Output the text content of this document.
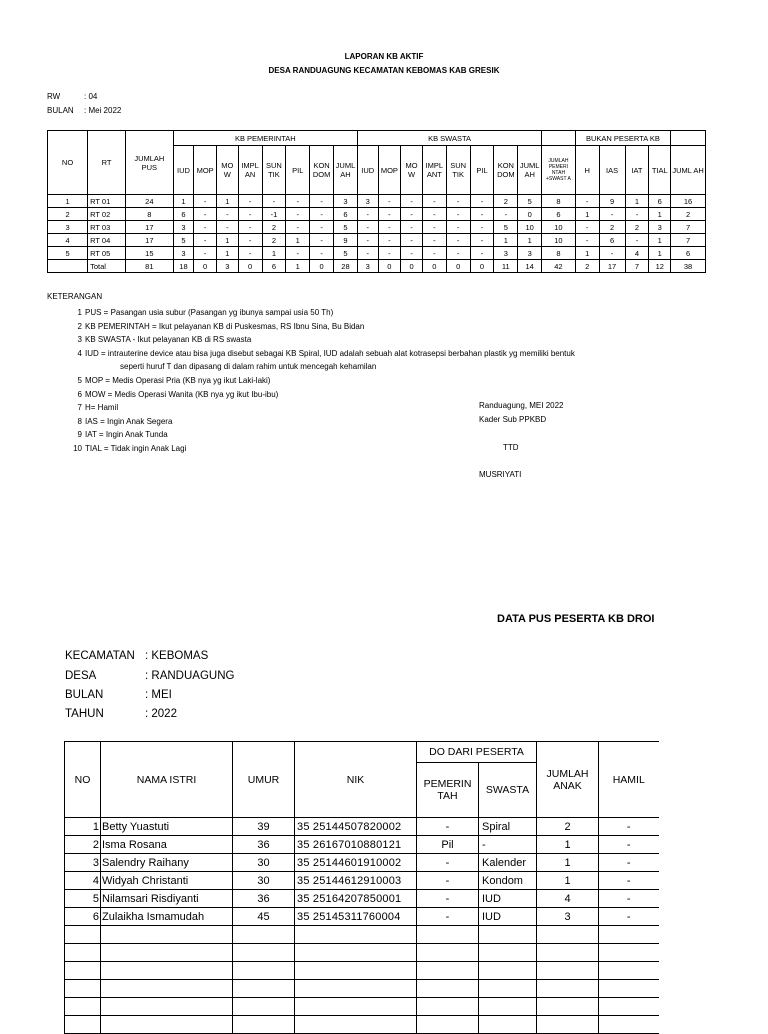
LAPORAN KB AKTIF
DESA RANDUAGUNG KECAMATAN KEBOMAS KAB GRESIK
RW	: 04
BULAN : Mei 2022
NO	RT	JUMLAH PUS	KB PEMERINTAH								KB SWASTA									BUKAN PESERTA KB				
			IUD	MOP	MO W	IMPL AN	SUN TIK	PIL	KON DOM	JUML AH	IUD	MOP	MO W	IMPL ANT	SUN TIK	PIL	KON DOM	JUML AH	JUMLAH PEMERI NTAH +SWAST A	H	IAS	IAT	TIAL	JUML AH
1	RT 01	24	1	-	1	-	-	-	-	3	3	-	-	-	-	-	2	5	8	-	9	1	6	16
2	RT 02	8	6	-	-	-	-1	-	-	6	-	-	-	-	-	-	-	0	6	1	-	-	1	2
3	RT 03	17	3	-	-	-	2	-	-	5	-	-	-	-	-	-	5	10	10	-	2	2	3	7
4	RT 04	17	5	-	1	-	2	1	-	9	-	-	-	-	-	-	1	1	10	-	6	-	1	7
5	RT 05	15	3	-	1	-	1	-	-	5	-	-	-	-	-	-	3	3	8	1	-	4	1	6
	Total	81	18	0	3	0	6	1	0	28	3	0	0	0	0	0	11	14	42	2	17	7	12	38
KETERANGAN
1 PUS = Pasangan usia subur (Pasangan yg ibunya sampai usia 50 Th)
2 KB PEMERINTAH = Ikut pelayanan KB di Puskesmas, RS Ibnu Sina, Bu Bidan
3 KB SWASTA - Ikut pelayanan KB di RS swasta
4 IUD = intrauterine device atau bisa juga disebut sebagai KB Spiral, IUD adalah sebuah alat kotrasepsi berbahan plastik yg memiliki bentuk
seperti huruf T dan dipasang di dalam rahim untuk mencegah kehamilan
5 MOP = Medis Operasi Pria (KB nya yg ikut Laki-laki)
6 MOW = Medis Operasi Wanita (KB nya yg ikut Ibu-ibu)
7 H= Hamil
8 IAS = Ingin Anak Segera
9 IAT = Ingin Anak Tunda
10 TIAL = Tidak ingin Anak Lagi
Randuagung, MEI 2022
Kader Sub PPKBD
TTD
MUSRIYATI
DATA PUS PESERTA KB DROI
KECAMATAN : KEBOMAS
DESA	: RANDUAGUNG
BULAN	: MEI
TAHUN	: 2022
NO	NAMA ISTRI	UMUR	NIK	DO DARI PESERTA		JUMLAH ANAK	HAMIL
				PEMERIN TAH	SWASTA		
1	Betty Yuastuti	39	35 25144507820002	-	Spiral	2	-
2	Isma Rosana	36	35 26167010880121	Pil	-	1	-
3	Salendry Raihany	30	35 25144601910002	-	Kalender	1	-
4	Widyah Christanti	30	35 25144612910003	-	Kondom	1	-
5	Nilamsari Risdiyanti	36	35 25164207850001	-	IUD	4	-
6	Zulaikha Ismamudah	45	35 25145311760004	-	IUD	3	-
